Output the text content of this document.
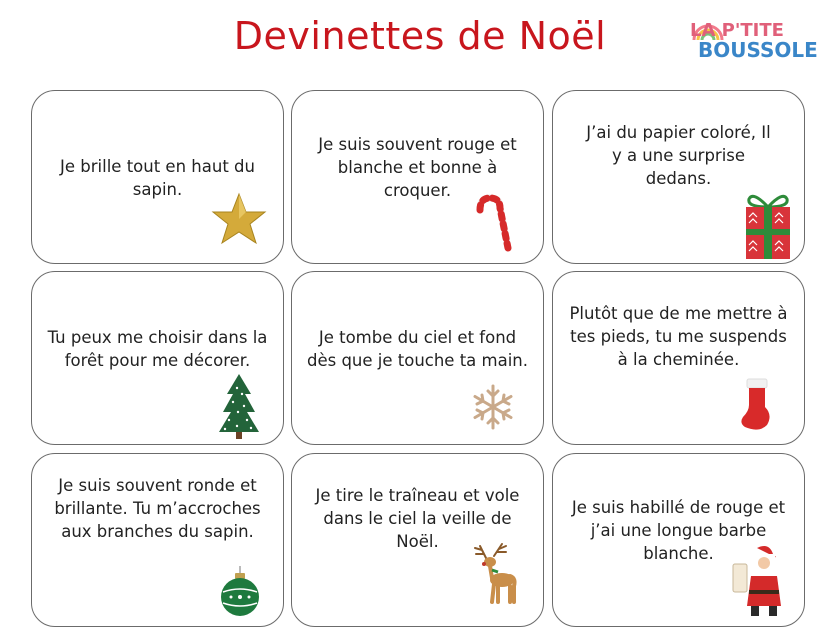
Devinettes de Noël	LA P'TITE
BOUSSOLE
Je brille tout en haut du sapin.
Je suis souvent rouge et blanche et bonne à croquer.
J’ai du papier coloré, Il y a une surprise dedans.
Tu peux me choisir dans la forêt pour me décorer.
Je tombe du ciel et fond dès que je touche ta main.
Plutôt que de me mettre à tes pieds, tu me suspends à la cheminée.
Je suis souvent ronde et brillante. Tu m’accroches aux branches du sapin.
Je tire le traîneau et vole dans le ciel la veille de Noël.
Je suis habillé de rouge et j’ai une longue barbe blanche.
